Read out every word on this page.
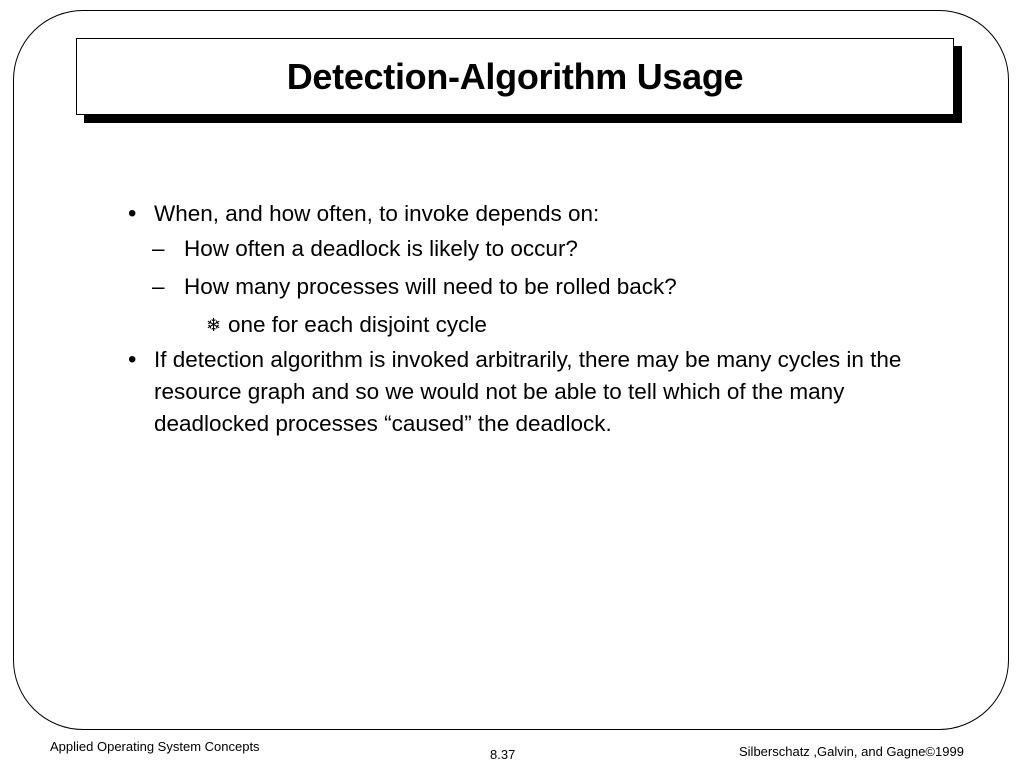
Detection-Algorithm Usage
• When, and how often, to invoke depends on:
– How often a deadlock is likely to occur?
– How many processes will need to be rolled back?
❄ one for each disjoint cycle
• If detection algorithm is invoked arbitrarily, there may be many cycles in the resource graph and so we would not be able to tell which of the many deadlocked processes “caused” the deadlock.
Applied Operating System Concepts
8.37	Silberschatz ,Galvin, and Gagne©1999
